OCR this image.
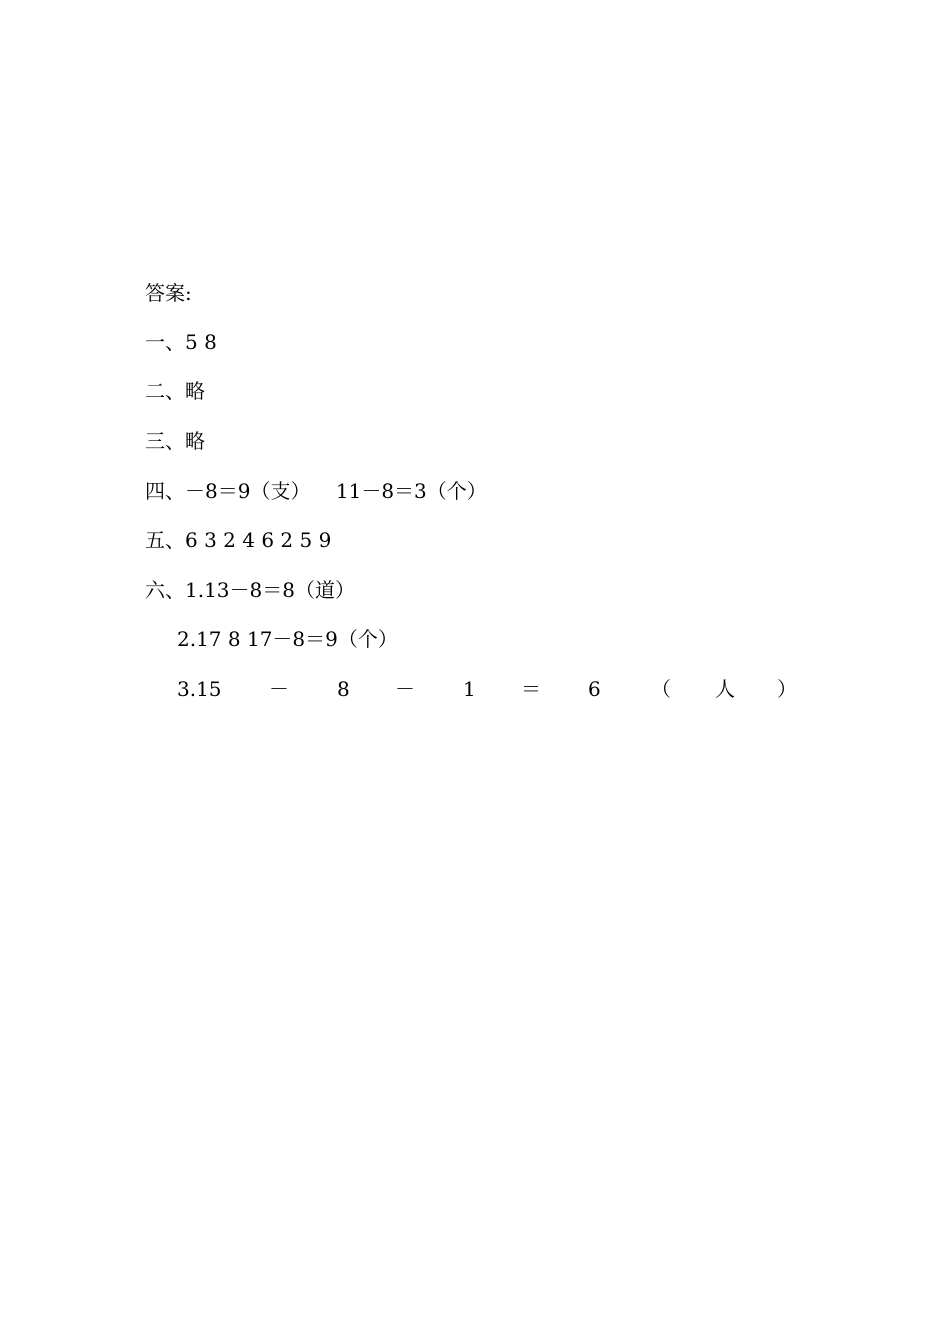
答案:
一、5 8
二、略
三、略
四、－8＝9（支）    11－8＝3（个）
五、6 3 2 4 6 2 5 9
六、1.13－8＝8（道）
2.17 8 17－8＝9（个）
3.15 － 8 － 1 ＝ 6	（ 人 ）
